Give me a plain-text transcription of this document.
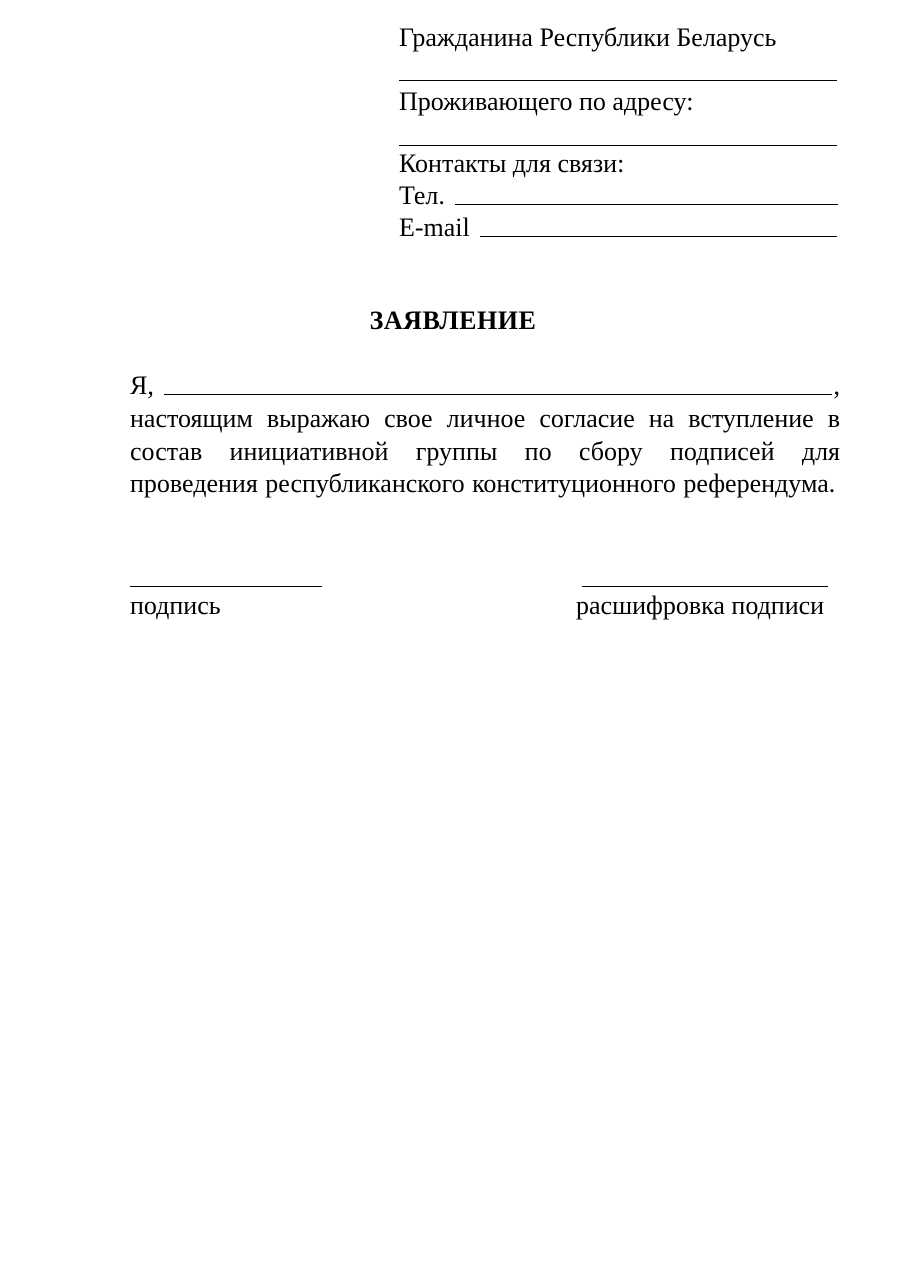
Гражданина Республики Беларусь
Проживающего по адресу:
Контакты для связи:
Тел.
E-mail
ЗАЯВЛЕНИЕ
Я,	,
настоящим выражаю свое личное согласие на вступление в состав инициативной группы по сбору подписей для проведения республиканского конституционного референдума.
подпись	расшифровка подписи
